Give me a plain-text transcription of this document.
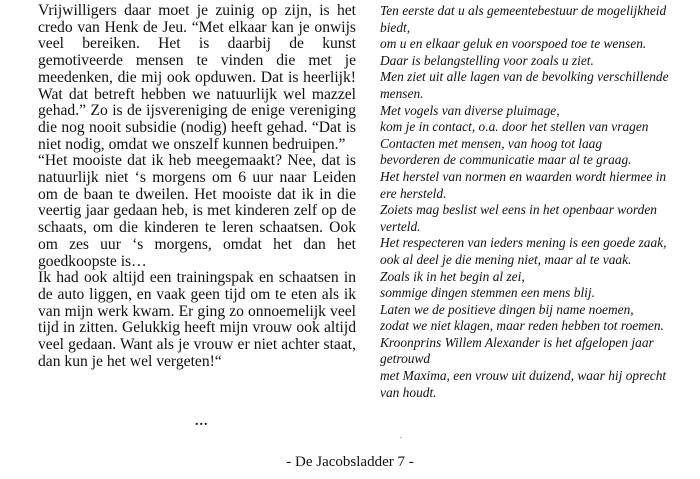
Vrijwilligers daar moet je zuinig op zijn, is het credo van Henk de Jeu. “Met elkaar kan je onwijs veel bereiken. Het is daarbij de kunst gemotiveerde mensen te vinden die met je meedenken, die mij ook opduwen. Dat is heerlijk! Wat dat betreft hebben we natuurlijk wel mazzel gehad.” Zo is de ijsvereniging de enige vereniging die nog nooit subsidie (nodig) heeft gehad. “Dat is niet nodig, omdat we onszelf kunnen bedruipen.”

“Het mooiste dat ik heb meegemaakt? Nee, dat is natuurlijk niet ‘s morgens om 6 uur naar Leiden om de baan te dweilen. Het mooiste dat ik in die veertig jaar gedaan heb, is met kinderen zelf op de schaats, om die kinderen te leren schaatsen. Ook om zes uur ‘s morgens, omdat het dan het goedkoopste is…

Ik had ook altijd een trainingspak en schaatsen in de auto liggen, en vaak geen tijd om te eten als ik van mijn werk kwam. Er ging zo onnoemelijk veel tijd in zitten. Gelukkig heeft mijn vrouw ook altijd veel gedaan. Want als je vrouw er niet achter staat, dan kun je het wel vergeten!“

...
Ten eerste dat u als gemeentebestuur de mogelijkheid
biedt,
om u en elkaar geluk en voorspoed toe te wensen.
Daar is belangstelling voor zoals u ziet.
Men ziet uit alle lagen van de bevolking verschillende
mensen.
Met vogels van diverse pluimage,
kom je in contact, o.a. door het stellen van vragen
Contacten met mensen, van hoog tot laag
bevorderen de communicatie maar al te graag.
Het herstel van normen en waarden wordt hiermee in
ere hersteld.
Zoiets mag beslist wel eens in het openbaar worden
verteld.
Het respecteren van ieders mening is een goede zaak,
ook al deel je die mening niet, maar al te vaak.
Zoals ik in het begin al zei,
sommige dingen stemmen een mens blij.
Laten we de positieve dingen bij name noemen,
zodat we niet klagen, maar reden hebben tot roemen.
Kroonprins Willem Alexander is het afgelopen jaar
getrouwd
met Maxima, een vrouw uit duizend, waar hij oprecht
van houdt.
- De Jacobsladder 7 -
